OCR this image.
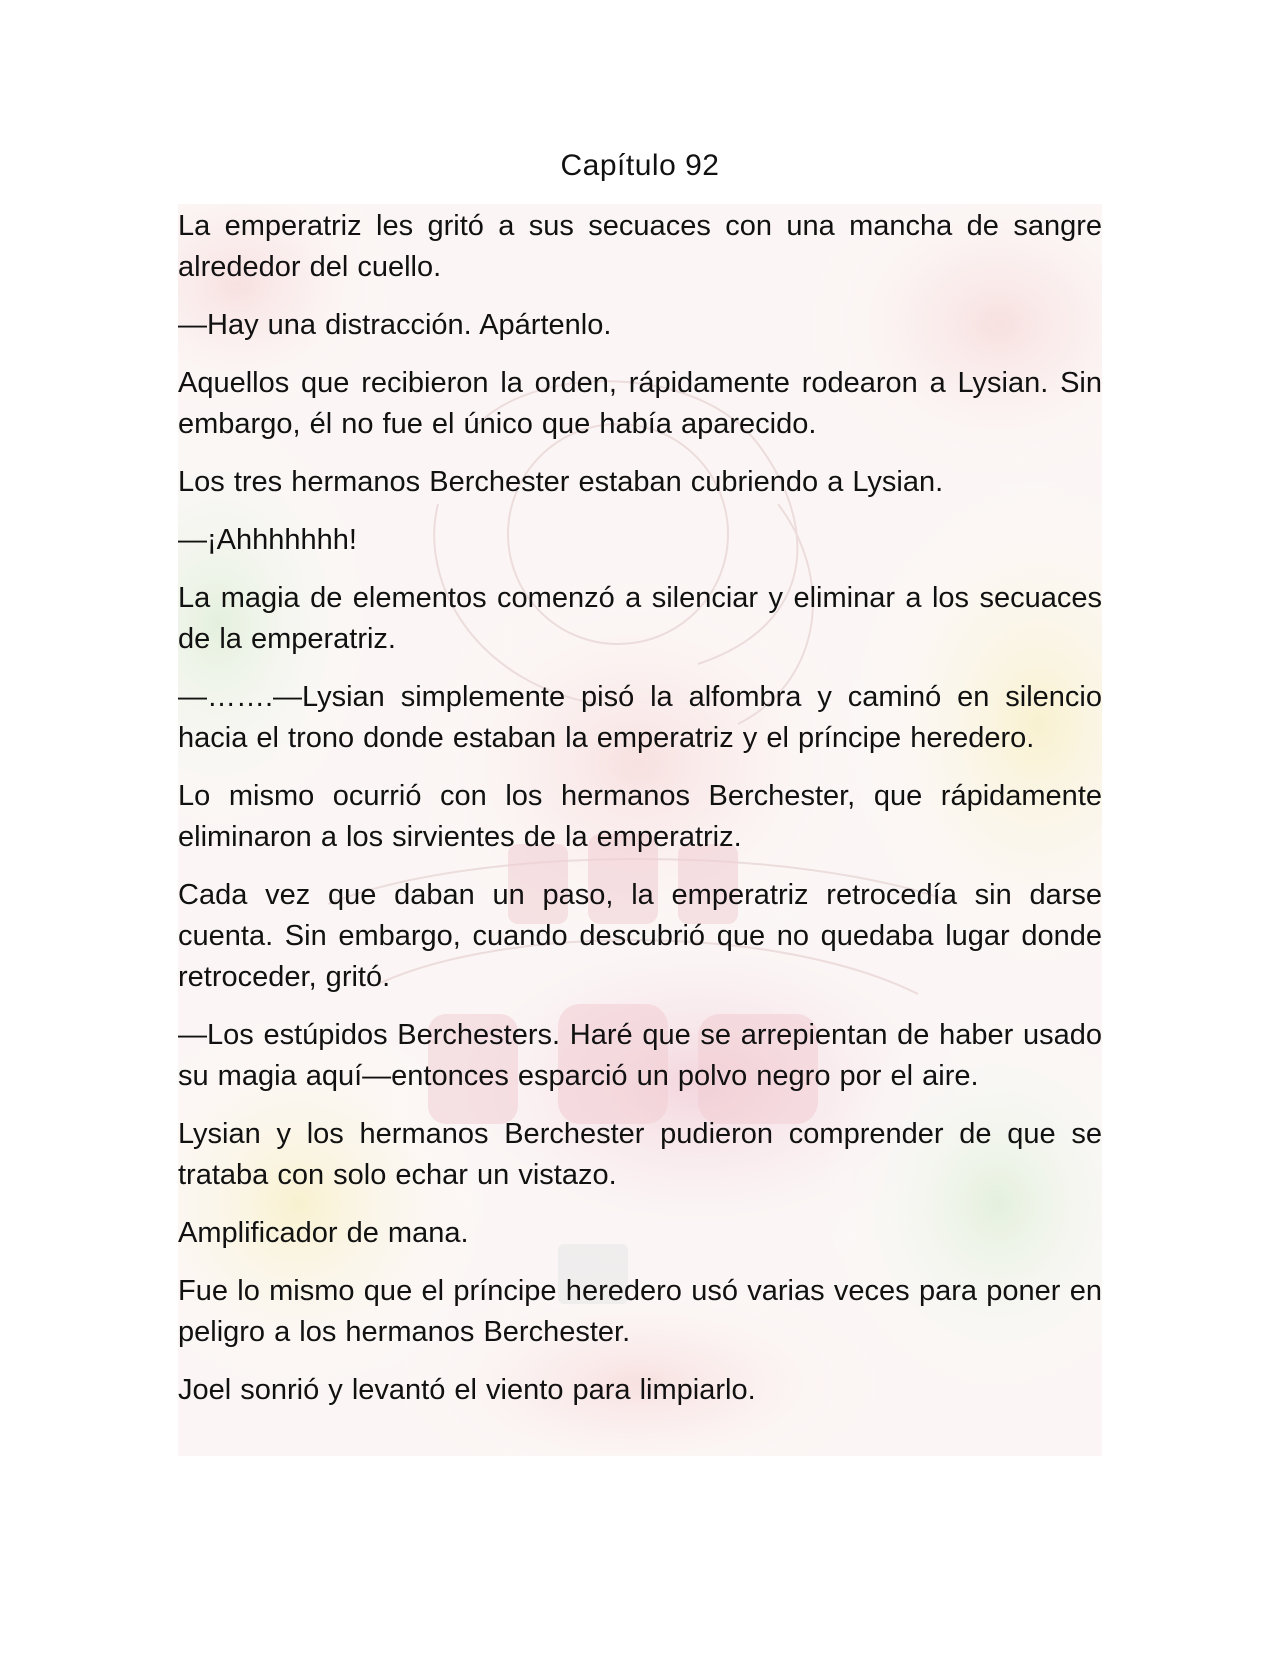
Capítulo 92

La emperatriz les gritó a sus secuaces con una mancha de sangre alrededor del cuello.

—Hay una distracción. Apártenlo.

Aquellos que recibieron la orden, rápidamente rodearon a Lysian. Sin embargo, él no fue el único que había aparecido.

Los tres hermanos Berchester estaban cubriendo a Lysian.

—¡Ahhhhhhh!

La magia de elementos comenzó a silenciar y eliminar a los secuaces de la emperatriz.

—…….—Lysian simplemente pisó la alfombra y caminó en silencio hacia el trono donde estaban la emperatriz y el príncipe heredero.

Lo mismo ocurrió con los hermanos Berchester, que rápidamente eliminaron a los sirvientes de la emperatriz.

Cada vez que daban un paso, la emperatriz retrocedía sin darse cuenta. Sin embargo, cuando descubrió que no quedaba lugar donde retroceder, gritó.

—Los estúpidos Berchesters. Haré que se arrepientan de haber usado su magia aquí—entonces esparció un polvo negro por el aire.

Lysian y los hermanos Berchester pudieron comprender de que se trataba con solo echar un vistazo.

Amplificador de mana.

Fue lo mismo que el príncipe heredero usó varias veces para poner en peligro a los hermanos Berchester.

Joel sonrió y levantó el viento para limpiarlo.
